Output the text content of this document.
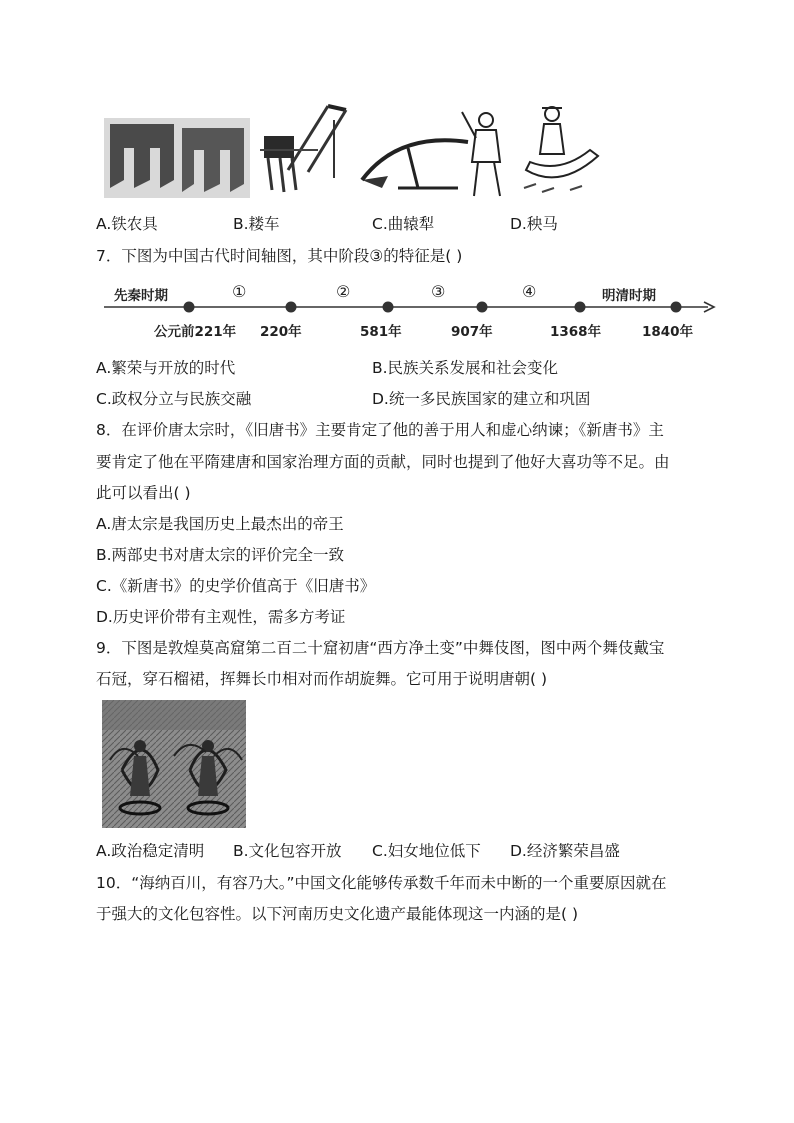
A.铁农具	B.耧车	C.曲辕犁	D.秧马
7．下图为中国古代时间轴图，其中阶段③的特征是( )
先秦时期	①	②	③	④	明清时期
公元前221年 220年	581年	907年	1368年	1840年
A.繁荣与开放的时代	B.民族关系发展和社会变化
C.政权分立与民族交融	D.统一多民族国家的建立和巩固
8．在评价唐太宗时，《旧唐书》主要肯定了他的善于用人和虚心纳谏；《新唐书》主
要肯定了他在平隋建唐和国家治理方面的贡献，同时也提到了他好大喜功等不足。由
此可以看出( )
A.唐太宗是我国历史上最杰出的帝王
B.两部史书对唐太宗的评价完全一致
C.《新唐书》的史学价值高于《旧唐书》
D.历史评价带有主观性，需多方考证
9．下图是敦煌莫高窟第二百二十窟初唐“西方净土变”中舞伎图，图中两个舞伎戴宝
石冠，穿石榴裙，挥舞长巾相对而作胡旋舞。它可用于说明唐朝( )
A.政治稳定清明 B.文化包容开放 C.妇女地位低下 D.经济繁荣昌盛
10．“海纳百川，有容乃大。”中国文化能够传承数千年而未中断的一个重要原因就在
于强大的文化包容性。以下河南历史文化遗产最能体现这一内涵的是( )
